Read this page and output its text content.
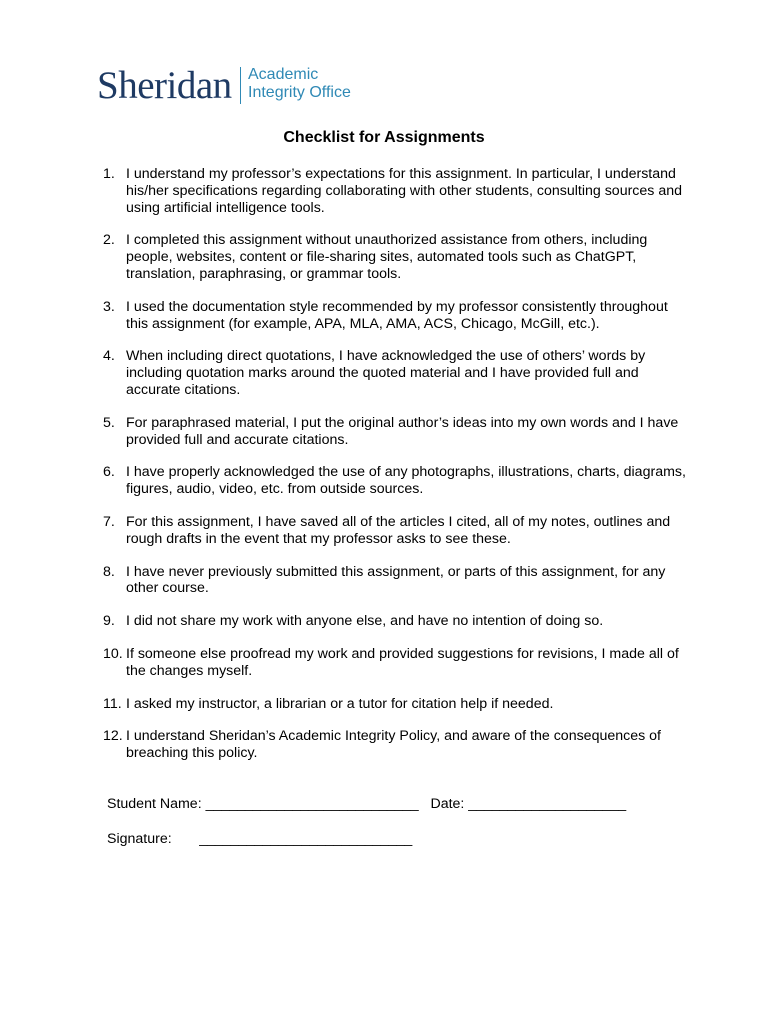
Sheridan Academic
Integrity Office
Checklist for Assignments
1. I understand my professor’s expectations for this assignment. In particular, I understand his/her specifications regarding collaborating with other students, consulting sources and using artificial intelligence tools.
2. I completed this assignment without unauthorized assistance from others, including people, websites, content or file-sharing sites, automated tools such as ChatGPT, translation, paraphrasing, or grammar tools.
3. I used the documentation style recommended by my professor consistently throughout this assignment (for example, APA, MLA, AMA, ACS, Chicago, McGill, etc.).
4. When including direct quotations, I have acknowledged the use of others’ words by including quotation marks around the quoted material and I have provided full and accurate citations.
5. For paraphrased material, I put the original author’s ideas into my own words and I have provided full and accurate citations.
6. I have properly acknowledged the use of any photographs, illustrations, charts, diagrams, figures, audio, video, etc. from outside sources.
7. For this assignment, I have saved all of the articles I cited, all of my notes, outlines and rough drafts in the event that my professor asks to see these.
8. I have never previously submitted this assignment, or parts of this assignment, for any other course.
9. I did not share my work with anyone else, and have no intention of doing so.
10. If someone else proofread my work and provided suggestions for revisions, I made all of the changes myself.
11. I asked my instructor, a librarian or a tutor for citation help if needed.
12. I understand Sheridan’s Academic Integrity Policy, and aware of the consequences of breaching this policy.
Student Name: ___________________________   Date: ____________________
Signature:       ___________________________
